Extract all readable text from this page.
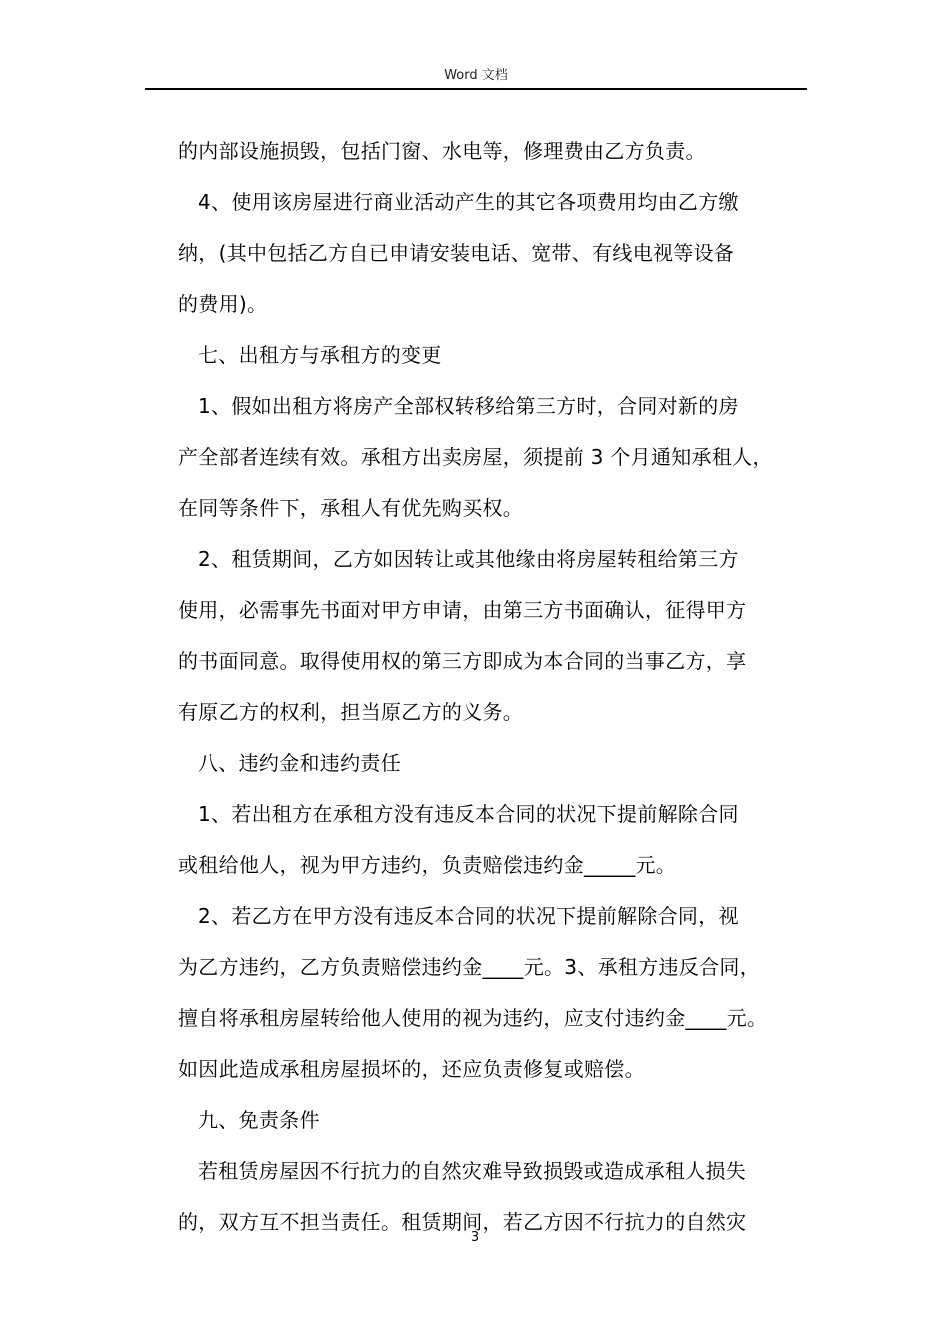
Word 文档
的内部设施损毁，包括门窗、水电等，修理费由乙方负责。
4、使用该房屋进行商业活动产生的其它各项费用均由乙方缴
纳，(其中包括乙方自已申请安装电话、宽带、有线电视等设备
的费用)。
七、出租方与承租方的变更
1、假如出租方将房产全部权转移给第三方时，合同对新的房
产全部者连续有效。承租方出卖房屋，须提前 3 个月通知承租人，
在同等条件下，承租人有优先购买权。
2、租赁期间，乙方如因转让或其他缘由将房屋转租给第三方
使用，必需事先书面对甲方申请，由第三方书面确认，征得甲方
的书面同意。取得使用权的第三方即成为本合同的当事乙方，享
有原乙方的权利，担当原乙方的义务。
八、违约金和违约责任
1、若出租方在承租方没有违反本合同的状况下提前解除合同
或租给他人，视为甲方违约，负责赔偿违约金_____元。
2、若乙方在甲方没有违反本合同的状况下提前解除合同，视
为乙方违约，乙方负责赔偿违约金____元。3、承租方违反合同，
擅自将承租房屋转给他人使用的视为违约，应支付违约金____元。
如因此造成承租房屋损坏的，还应负责修复或赔偿。
九、免责条件
若租赁房屋因不行抗力的自然灾难导致损毁或造成承租人损失
的，双方互不担当责任。租赁期间，若乙方因不行抗力的自然灾
3
